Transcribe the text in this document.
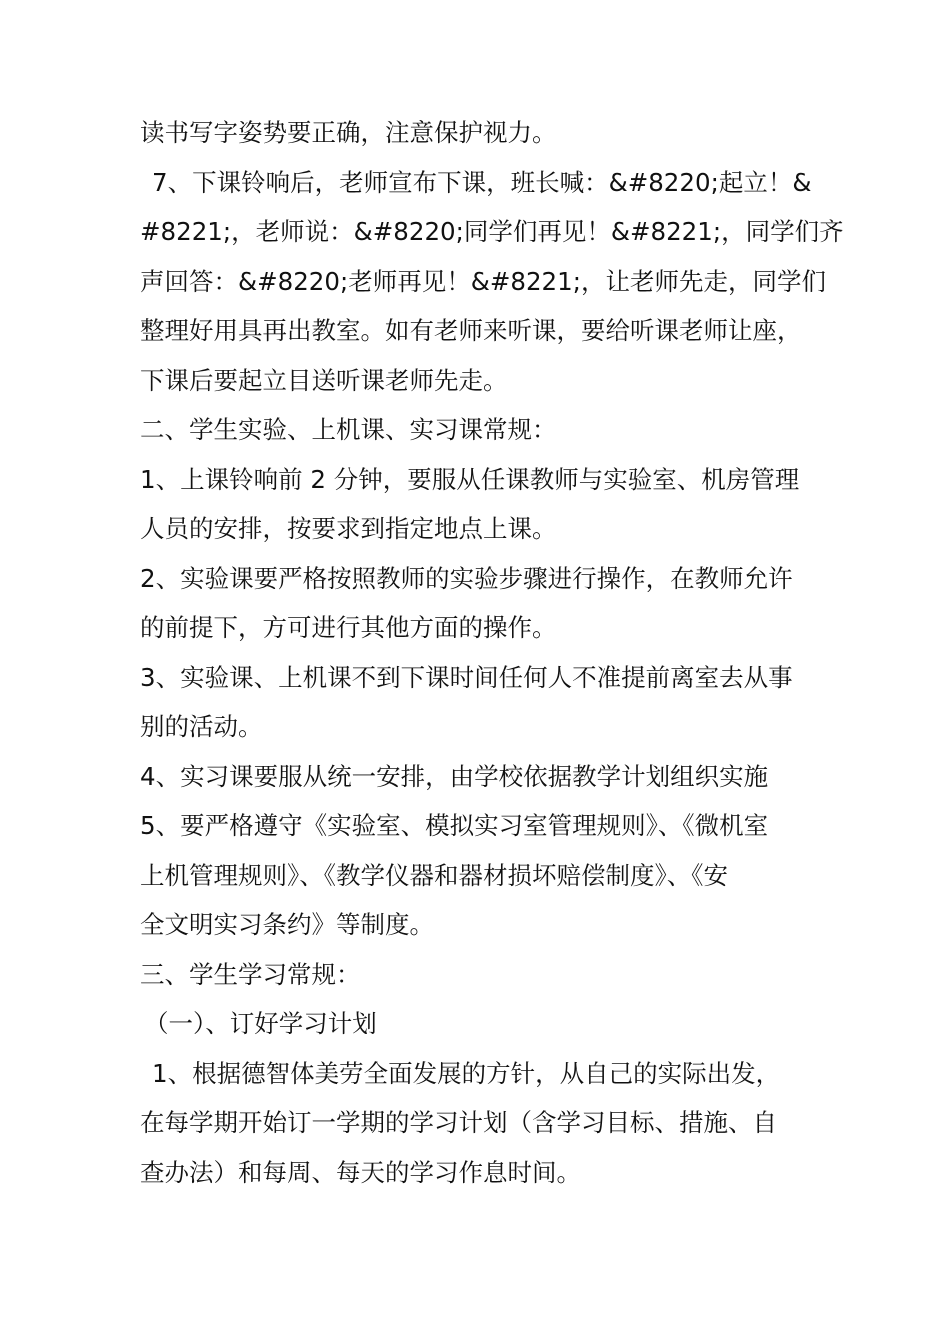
读书写字姿势要正确，注意保护视力。
7、下课铃响后，老师宣布下课，班长喊：&#8220;起立！&
#8221;，老师说：&#8220;同学们再见！&#8221;，同学们齐
声回答：&#8220;老师再见！&#8221;，让老师先走，同学们
整理好用具再出教室。如有老师来听课，要给听课老师让座，
下课后要起立目送听课老师先走。
二、学生实验、上机课、实习课常规：
1、上课铃响前 2 分钟，要服从任课教师与实验室、机房管理
人员的安排，按要求到指定地点上课。
2、实验课要严格按照教师的实验步骤进行操作，在教师允许
的前提下，方可进行其他方面的操作。
3、实验课、上机课不到下课时间任何人不准提前离室去从事
别的活动。
4、实习课要服从统一安排，由学校依据教学计划组织实施
5、要严格遵守《实验室、模拟实习室管理规则》、《微机室
上机管理规则》、《教学仪器和器材损坏赔偿制度》、《安
全文明实习条约》等制度。
三、学生学习常规：
（一）、订好学习计划
1、根据德智体美劳全面发展的方针，从自己的实际出发，
在每学期开始订一学期的学习计划（含学习目标、措施、自
查办法）和每周、每天的学习作息时间。
